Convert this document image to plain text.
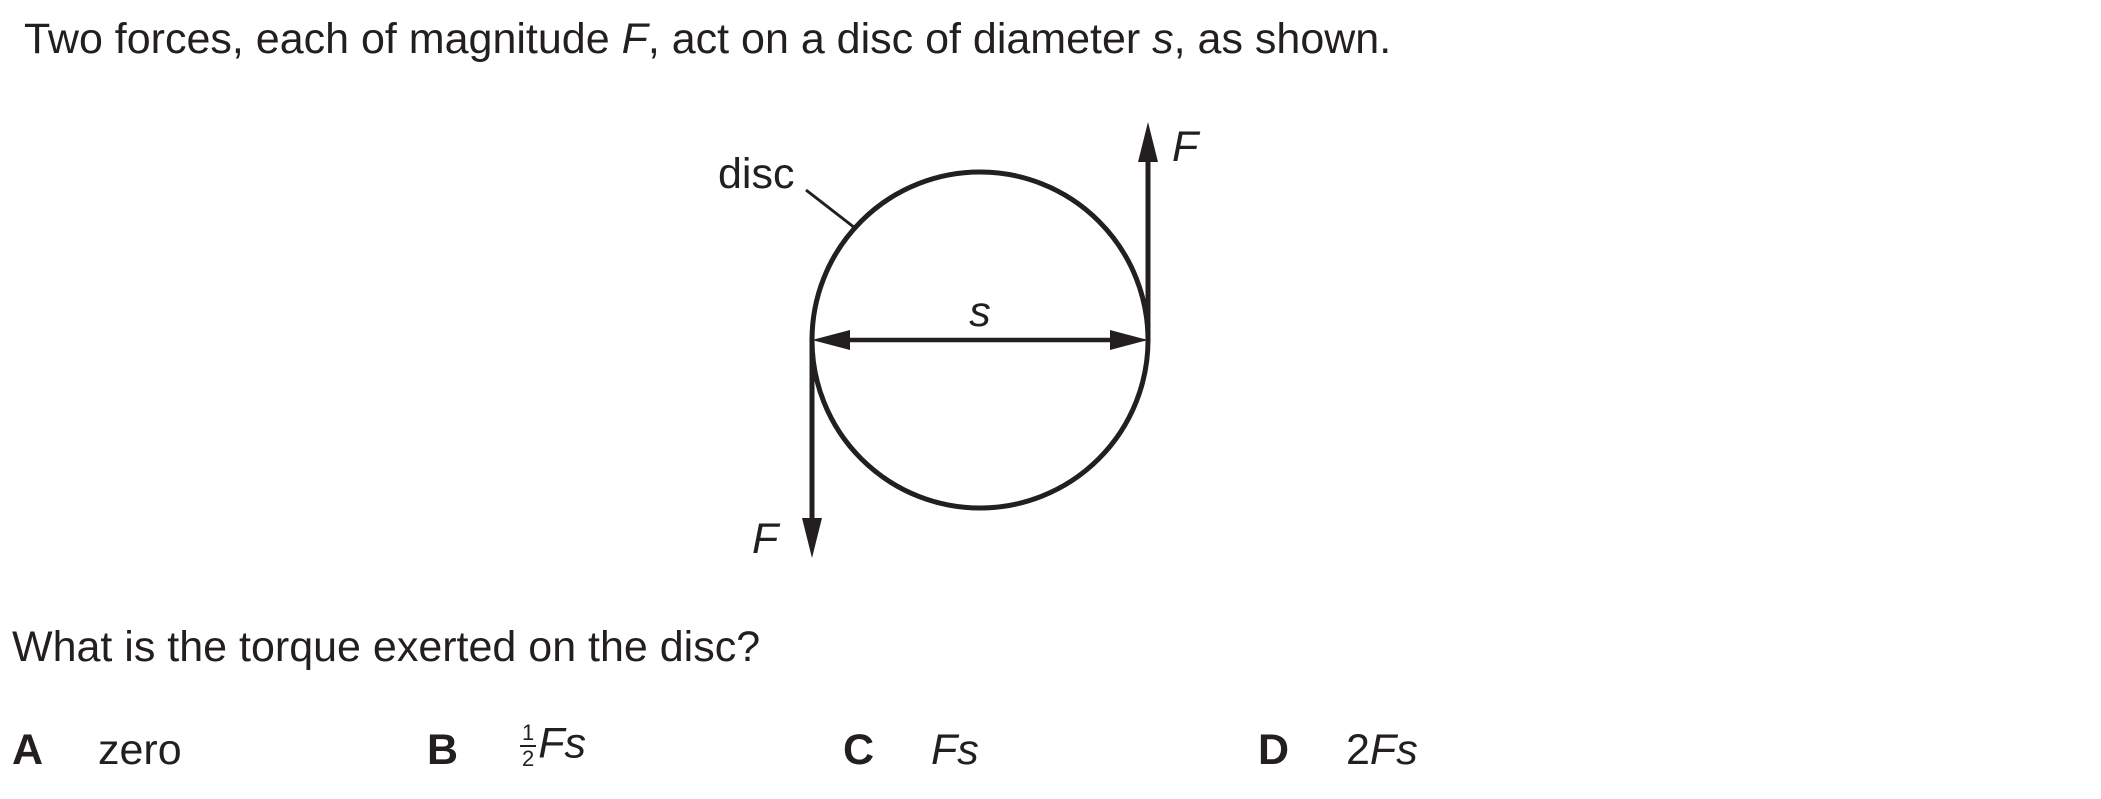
Two forces, each of magnitude F, act on a disc of diameter s, as shown.
disc
s
F
F
What is the torque exerted on the disc?
A zero	B	$\frac{1}{2}$ Fs	C Fs	D 2Fs
